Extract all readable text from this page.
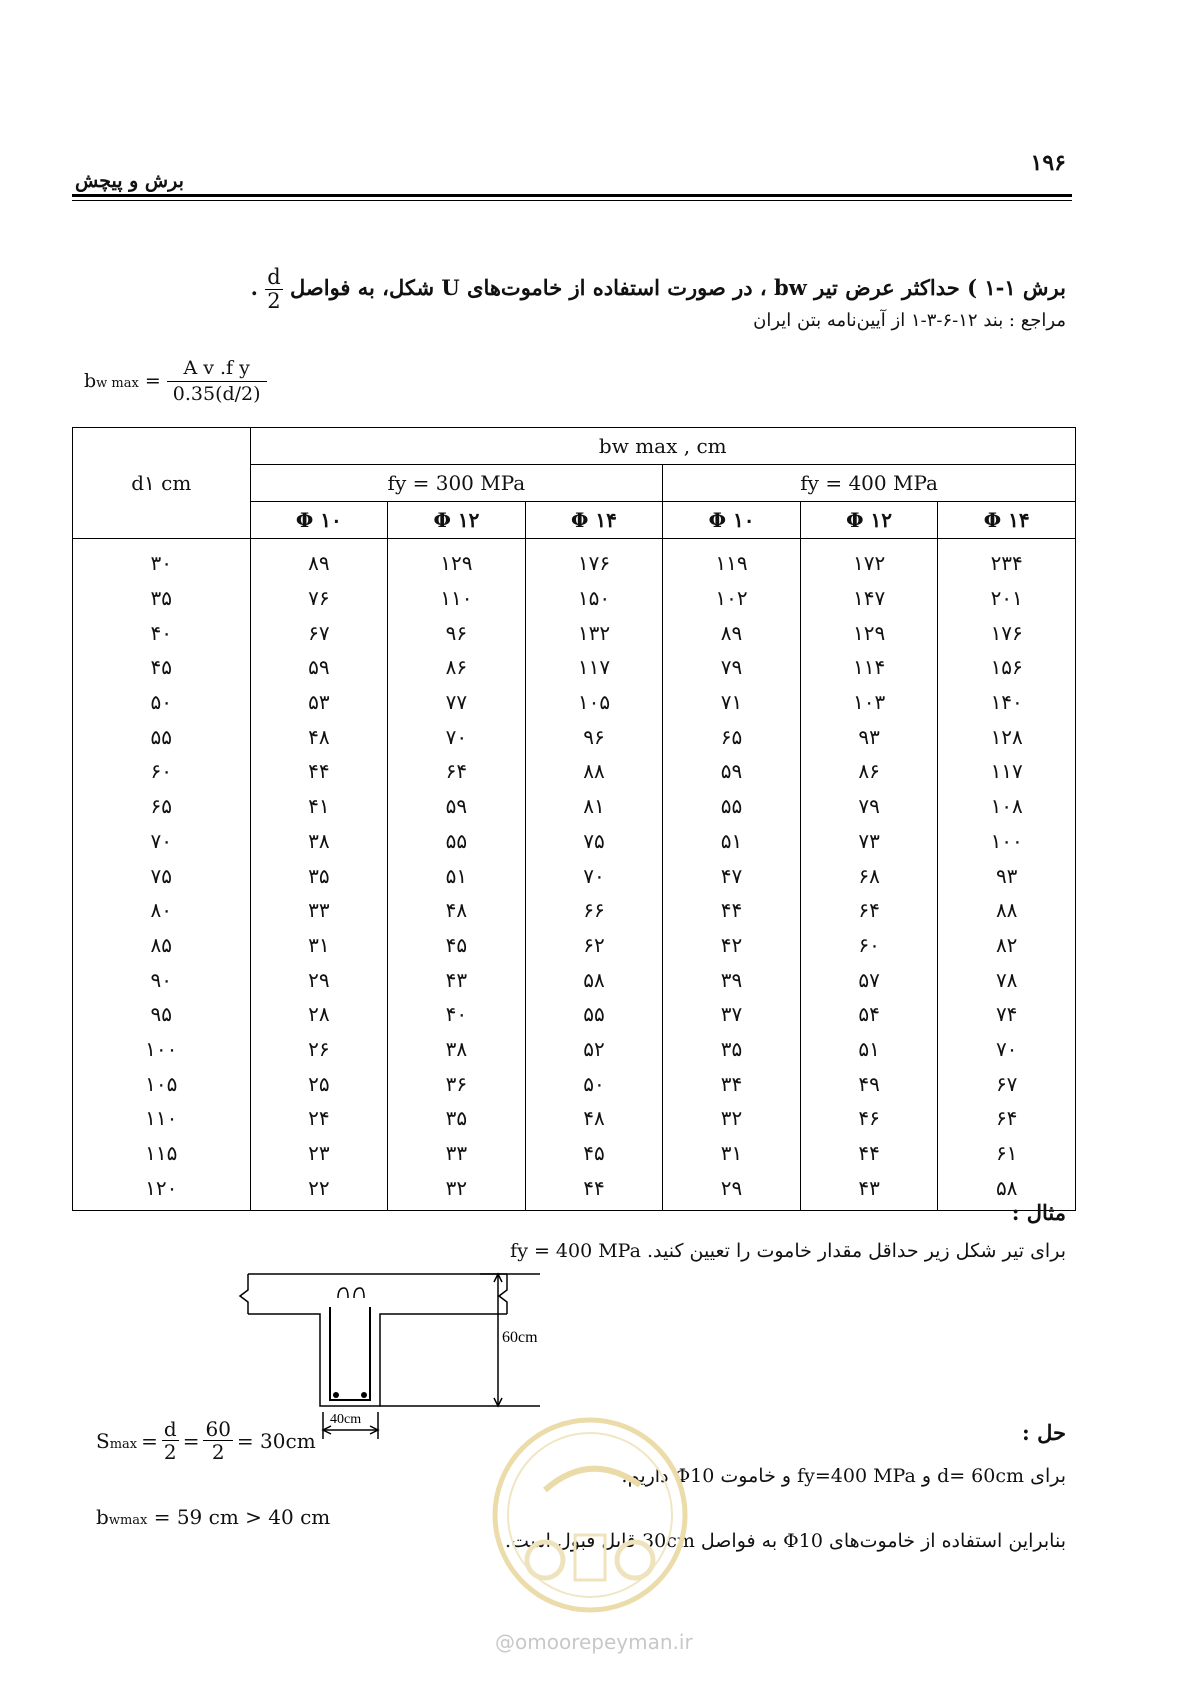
۱۹۶
برش و پیچش
برش ۱-۱ ) حداکثر عرض تیر bw ، در صورت استفاده از خاموت‌های U شکل، به فواصل
$\frac{d}{2}$
.
مراجع : بند ۱۲-۶-۳-۱ از آیین‌نامه بتن ایران
bw $\max = \frac{\text{A v .f y}}{0.35(d/2)}$
d۱ cm	bw max , cm					
	fy = 300 MPa			fy = 400 MPa		
	Φ ۱۰	Φ ۱۲	Φ ۱۴	Φ ۱۰	Φ ۱۲	Φ ۱۴
۳۰	۸۹	۱۲۹	۱۷۶	۱۱۹	۱۷۲	۲۳۴
۳۵	۷۶	۱۱۰	۱۵۰	۱۰۲	۱۴۷	۲۰۱
۴۰	۶۷	۹۶	۱۳۲	۸۹	۱۲۹	۱۷۶
۴۵	۵۹	۸۶	۱۱۷	۷۹	۱۱۴	۱۵۶
۵۰	۵۳	۷۷	۱۰۵	۷۱	۱۰۳	۱۴۰
۵۵	۴۸	۷۰	۹۶	۶۵	۹۳	۱۲۸
۶۰	۴۴	۶۴	۸۸	۵۹	۸۶	۱۱۷
۶۵	۴۱	۵۹	۸۱	۵۵	۷۹	۱۰۸
۷۰	۳۸	۵۵	۷۵	۵۱	۷۳	۱۰۰
۷۵	۳۵	۵۱	۷۰	۴۷	۶۸	۹۳
۸۰	۳۳	۴۸	۶۶	۴۴	۶۴	۸۸
۸۵	۳۱	۴۵	۶۲	۴۲	۶۰	۸۲
۹۰	۲۹	۴۳	۵۸	۳۹	۵۷	۷۸
۹۵	۲۸	۴۰	۵۵	۳۷	۵۴	۷۴
۱۰۰	۲۶	۳۸	۵۲	۳۵	۵۱	۷۰
۱۰۵	۲۵	۳۶	۵۰	۳۴	۴۹	۶۷
۱۱۰	۲۴	۳۵	۴۸	۳۲	۴۶	۶۴
۱۱۵	۲۳	۳۳	۴۵	۳۱	۴۴	۶۱
۱۲۰	۲۲	۳۲	۴۴	۲۹	۴۳	۵۸
مثال :
برای تیر شکل زیر حداقل مقدار خاموت را تعیین کنید. fy = 400 MPa
60cm
40cm
$Smax = \frac{d}{2} = \frac{60}{2} = 30cm$
bwmax = 59 cm > 40 cm
حل :
برای d= 60cm و fy=400 MPa و خاموت Φ10 داریم:
بنابراین استفاده از خاموت‌های Φ10 به فواصل 30cm قابل قبول است.
@omoorepeyman.ir
